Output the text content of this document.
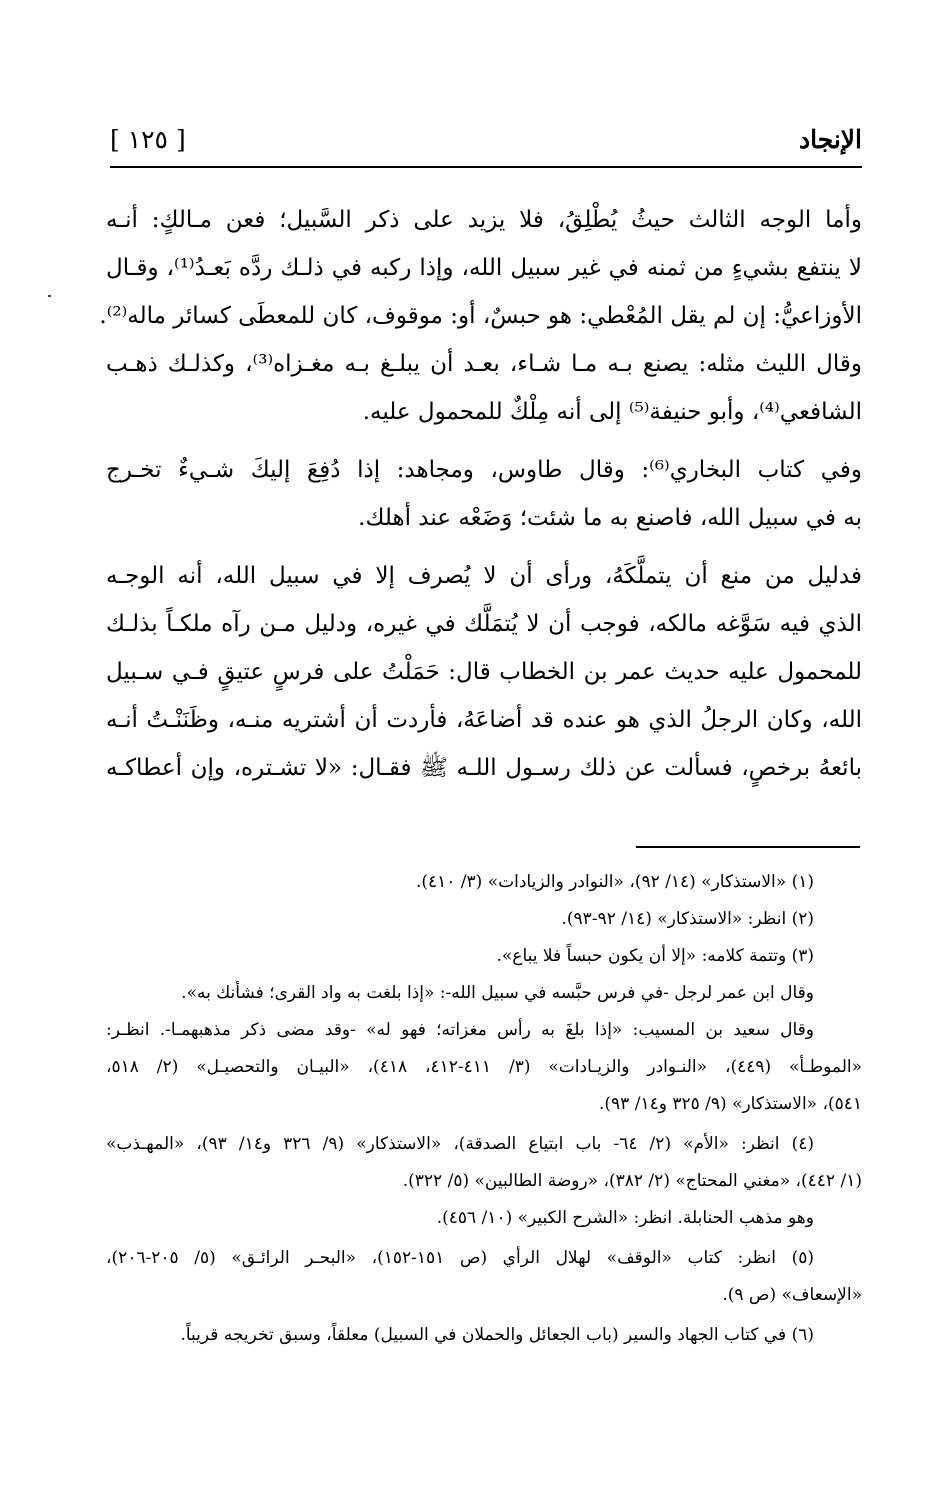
الإنجاد
[ ١٢٥ ]
وأما الوجه الثالث حيثُ يُطْلِقُ، فلا يزيد على ذكر السَّبيل؛ فعن مـالكٍ: أنـه
لا ينتفع بشيءٍ من ثمنه في غير سبيل الله، وإذا ركبه في ذلـك ردَّه بَعـدُ⁽¹⁾، وقـال
الأوزاعيُّ: إن لم يقل المُعْطي: هو حبسٌ، أو: موقوف، كان للمعطَى كسائر ماله⁽²⁾.
وقال الليث مثله: يصنع بـه مـا شـاء، بعـد أن يبلـغ بـه مغـزاه⁽³⁾، وكذلـك ذهـب
الشافعي⁽⁴⁾، وأبو حنيفة⁽⁵⁾ إلى أنه مِلْكٌ للمحمول عليه.
وفي كتاب البخاري⁽⁶⁾: وقال طاوس، ومجاهد: إذا دُفِعَ إليكَ شـيءٌ تخـرج
به في سبيل الله، فاصنع به ما شئت؛ وَضَعْه عند أهلك.
فدليل من منع أن يتملَّكَهُ، ورأى أن لا يُصرف إلا في سبيل الله، أنه الوجـه
الذي فيه سَوَّغه مالكه، فوجب أن لا يُتمَلَّك في غيره، ودليل مـن رآه ملكـاً بذلـك
للمحمول عليه حديث عمر بن الخطاب قال: حَمَلْتُ على فرسٍ عتيقٍ فـي سـبيل
الله، وكان الرجلُ الذي هو عنده قد أضاعَهُ، فأردت أن أشتريه منـه، وظَنَنْـتُ أنـه
بائعهُ برخصٍ، فسألت عن ذلك رسـول اللـه ﷺ فقـال: «لا تشـتره، وإن أعطاكـه
(١) «الاستذكار» (١٤/ ٩٢)، «النوادر والزيادات» (٣/ ٤١٠).
(٢) انظر: «الاستذكار» (١٤/ ٩٢-٩٣).
(٣) وتتمة كلامه: «إلا أن يكون حبساً فلا يباع».
وقال ابن عمر لرجل -في فرس حبَّسه في سبيل الله-: «إذا بلغت به واد القرى؛ فشأنك به».
وقال سعيد بن المسيب: «إذا بلغَ به رأس مغزاته؛ فهو له» -وقد مضى ذكر مذهبهمـا-. انظـر:
«الموطـأ» (٤٤٩)، «النـوادر والزيـادات» (٣/ ٤١١-٤١٢، ٤١٨)، «البيـان والتحصيـل» (٢/ ٥١٨،
٥٤١)، «الاستذكار» (٩/ ٣٢٥ و١٤/ ٩٣).
(٤) انظر: «الأم» (٢/ ٦٤- باب ابتياع الصدقة)، «الاستذكار» (٩/ ٣٢٦ و١٤/ ٩٣)، «المهـذب»
(١/ ٤٤٢)، «مغني المحتاج» (٢/ ٣٨٢)، «روضة الطالبين» (٥/ ٣٢٢).
وهو مذهب الحنابلة. انظر: «الشرح الكبير» (١٠/ ٤٥٦).
(٥) انظر: كتاب «الوقف» لهلال الرأي (ص ١٥١-١٥٢)، «البحـر الرائـق» (٥/ ٢٠٥-٢٠٦)،
«الإسعاف» (ص ٩).
(٦) في كتاب الجهاد والسير (باب الجعائل والحملان في السبيل) معلقاً، وسبق تخريجه قريباً.
